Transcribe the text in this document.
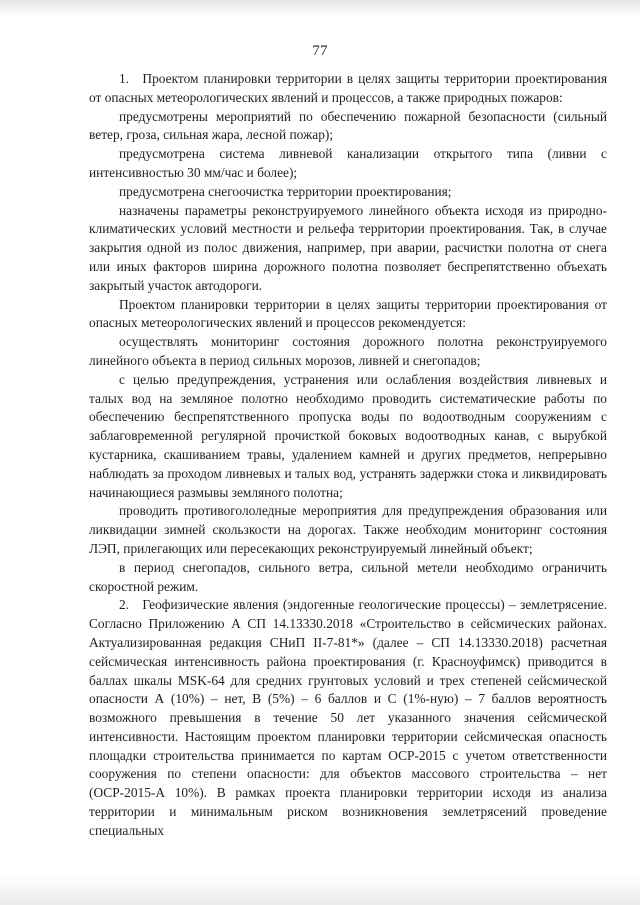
77

1. Проектом планировки территории в целях защиты территории проектирования от опасных метеорологических явлений и процессов, а также природных пожаров:

предусмотрены мероприятий по обеспечению пожарной безопасности (сильный ветер, гроза, сильная жара, лесной пожар);

предусмотрена система ливневой канализации открытого типа (ливни с интенсивностью 30 мм/час и более);

предусмотрена снегоочистка территории проектирования;

назначены параметры реконструируемого линейного объекта исходя из природно-климатических условий местности и рельефа территории проектирования. Так, в случае закрытия одной из полос движения, например, при аварии, расчистки полотна от снега или иных факторов ширина дорожного полотна позволяет беспрепятственно объехать закрытый участок автодороги.

Проектом планировки территории в целях защиты территории проектирования от опасных метеорологических явлений и процессов рекомендуется:

осуществлять мониторинг состояния дорожного полотна реконструируемого линейного объекта в период сильных морозов, ливней и снегопадов;

с целью предупреждения, устранения или ослабления воздействия ливневых и талых вод на земляное полотно необходимо проводить систематические работы по обеспечению беспрепятственного пропуска воды по водоотводным сооружениям с заблаговременной регулярной прочисткой боковых водоотводных канав, с вырубкой кустарника, скашиванием травы, удалением камней и других предметов, непрерывно наблюдать за проходом ливневых и талых вод, устранять задержки стока и ликвидировать начинающиеся размывы земляного полотна;

проводить противогололедные мероприятия для предупреждения образования или ликвидации зимней скользкости на дорогах. Также необходим мониторинг состояния ЛЭП, прилегающих или пересекающих реконструируемый линейный объект;

в период снегопадов, сильного ветра, сильной метели необходимо ограничить скоростной режим.

2. Геофизические явления (эндогенные геологические процессы) – землетрясение. Согласно Приложению А СП 14.13330.2018 «Строительство в сейсмических районах. Актуализированная редакция СНиП II-7-81*» (далее – СП 14.13330.2018) расчетная сейсмическая интенсивность района проектирования (г. Красноуфимск) приводится в баллах шкалы MSK-64 для средних грунтовых условий и трех степеней сейсмической опасности А (10%) – нет, В (5%) – 6 баллов и С (1%-ную) – 7 баллов вероятность возможного превышения в течение 50 лет указанного значения сейсмической интенсивности. Настоящим проектом планировки территории сейсмическая опасность площадки строительства принимается по картам ОСР-2015 с учетом ответственности сооружения по степени опасности: для объектов массового строительства – нет (ОСР-2015-А 10%). В рамках проекта планировки территории исходя из анализа территории и минимальным риском возникновения землетрясений проведение специальных
